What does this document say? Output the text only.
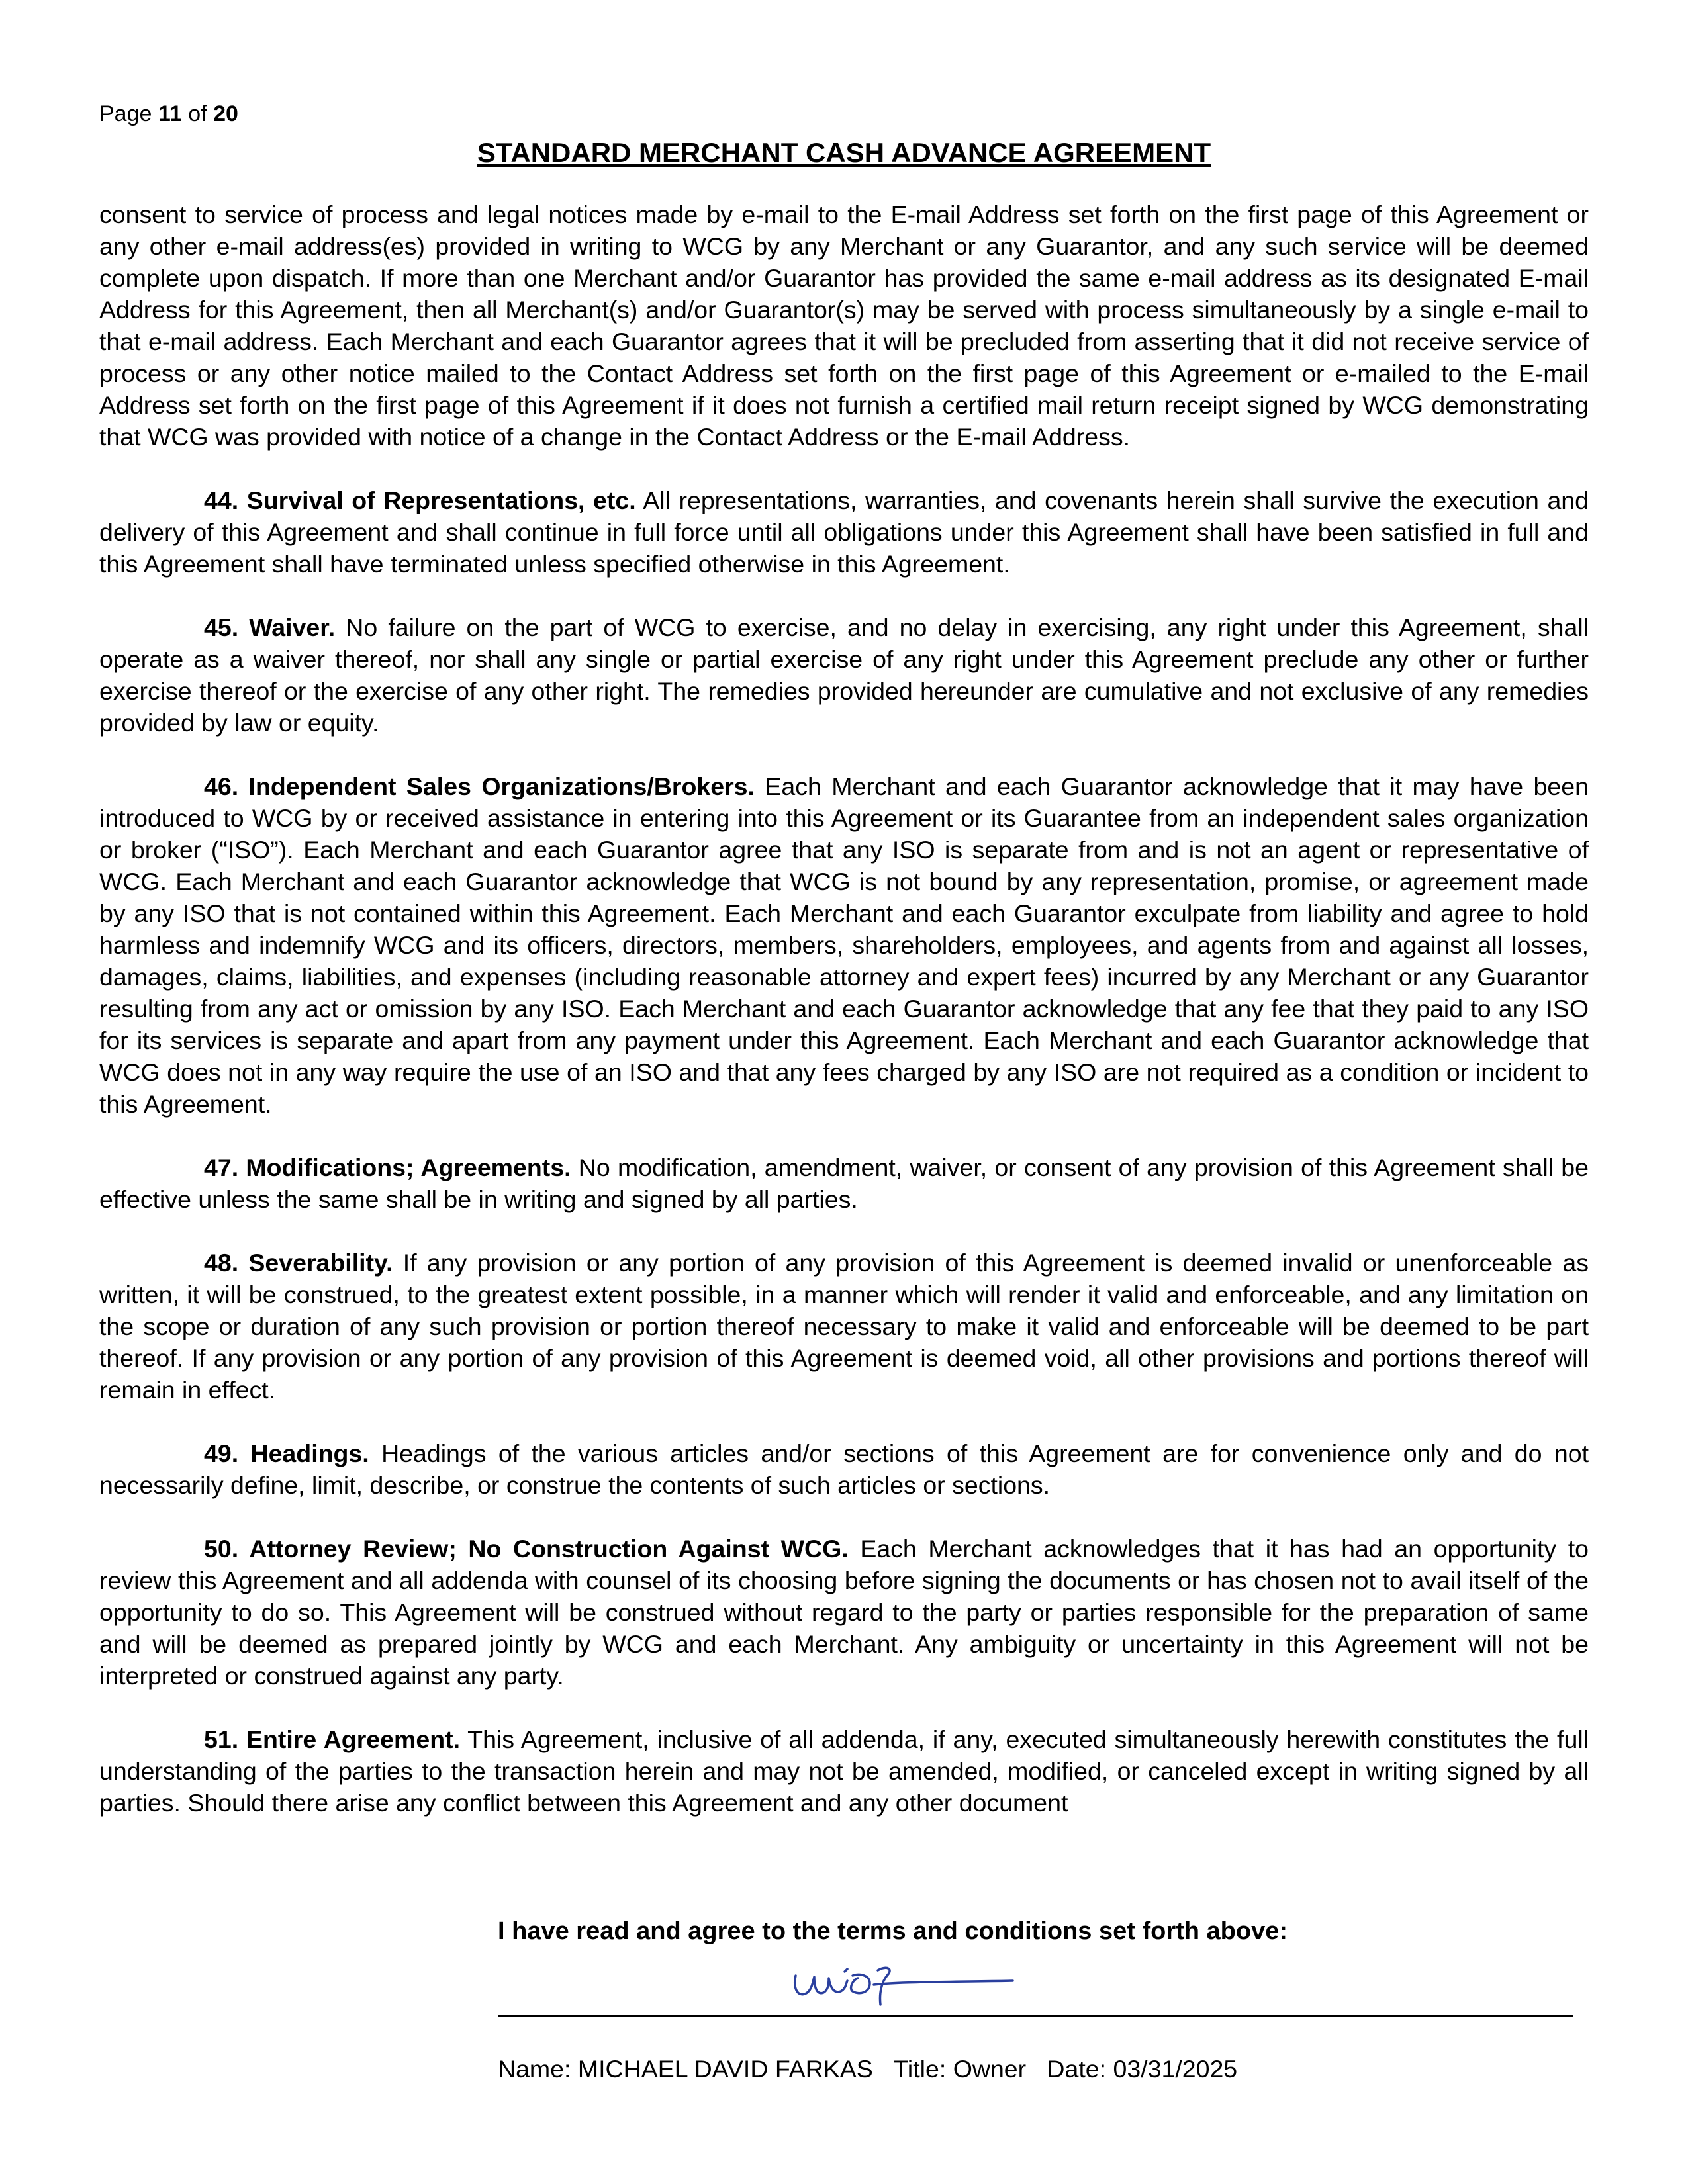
Page 11 of 20
STANDARD MERCHANT CASH ADVANCE AGREEMENT

consent to service of process and legal notices made by e-mail to the E-mail Address set forth on the first page of this Agreement or any other e-mail address(es) provided in writing to WCG by any Merchant or any Guarantor, and any such service will be deemed complete upon dispatch. If more than one Merchant and/or Guarantor has provided the same e-mail address as its designated E-mail Address for this Agreement, then all Merchant(s) and/or Guarantor(s) may be served with process simultaneously by a single e-mail to that e-mail address. Each Merchant and each Guarantor agrees that it will be precluded from asserting that it did not receive service of process or any other notice mailed to the Contact Address set forth on the first page of this Agreement or e-mailed to the E-mail Address set forth on the first page of this Agreement if it does not furnish a certified mail return receipt signed by WCG demonstrating that WCG was provided with notice of a change in the Contact Address or the E-mail Address.

44. Survival of Representations, etc. All representations, warranties, and covenants herein shall survive the execution and delivery of this Agreement and shall continue in full force until all obligations under this Agreement shall have been satisfied in full and this Agreement shall have terminated unless specified otherwise in this Agreement.

45. Waiver. No failure on the part of WCG to exercise, and no delay in exercising, any right under this Agreement, shall operate as a waiver thereof, nor shall any single or partial exercise of any right under this Agreement preclude any other or further exercise thereof or the exercise of any other right. The remedies provided hereunder are cumulative and not exclusive of any remedies provided by law or equity.

46. Independent Sales Organizations/Brokers. Each Merchant and each Guarantor acknowledge that it may have been introduced to WCG by or received assistance in entering into this Agreement or its Guarantee from an independent sales organization or broker (“ISO”). Each Merchant and each Guarantor agree that any ISO is separate from and is not an agent or representative of WCG. Each Merchant and each Guarantor acknowledge that WCG is not bound by any representation, promise, or agreement made by any ISO that is not contained within this Agreement. Each Merchant and each Guarantor exculpate from liability and agree to hold harmless and indemnify WCG and its officers, directors, members, shareholders, employees, and agents from and against all losses, damages, claims, liabilities, and expenses (including reasonable attorney and expert fees) incurred by any Merchant or any Guarantor resulting from any act or omission by any ISO. Each Merchant and each Guarantor acknowledge that any fee that they paid to any ISO for its services is separate and apart from any payment under this Agreement. Each Merchant and each Guarantor acknowledge that WCG does not in any way require the use of an ISO and that any fees charged by any ISO are not required as a condition or incident to this Agreement.

47. Modifications; Agreements. No modification, amendment, waiver, or consent of any provision of this Agreement shall be effective unless the same shall be in writing and signed by all parties.

48. Severability. If any provision or any portion of any provision of this Agreement is deemed invalid or unenforceable as written, it will be construed, to the greatest extent possible, in a manner which will render it valid and enforceable, and any limitation on the scope or duration of any such provision or portion thereof necessary to make it valid and enforceable will be deemed to be part thereof. If any provision or any portion of any provision of this Agreement is deemed void, all other provisions and portions thereof will remain in effect.

49. Headings. Headings of the various articles and/or sections of this Agreement are for convenience only and do not necessarily define, limit, describe, or construe the contents of such articles or sections.

50. Attorney Review; No Construction Against WCG. Each Merchant acknowledges that it has had an opportunity to review this Agreement and all addenda with counsel of its choosing before signing the documents or has chosen not to avail itself of the opportunity to do so. This Agreement will be construed without regard to the party or parties responsible for the preparation of same and will be deemed as prepared jointly by WCG and each Merchant. Any ambiguity or uncertainty in this Agreement will not be interpreted or construed against any party.

51. Entire Agreement. This Agreement, inclusive of all addenda, if any, executed simultaneously herewith constitutes the full understanding of the parties to the transaction herein and may not be amended, modified, or canceled except in writing signed by all parties. Should there arise any conflict between this Agreement and any other document

I have read and agree to the terms and conditions set forth above:
Name: MICHAEL DAVID FARKAS Title: Owner Date: 03/31/2025
